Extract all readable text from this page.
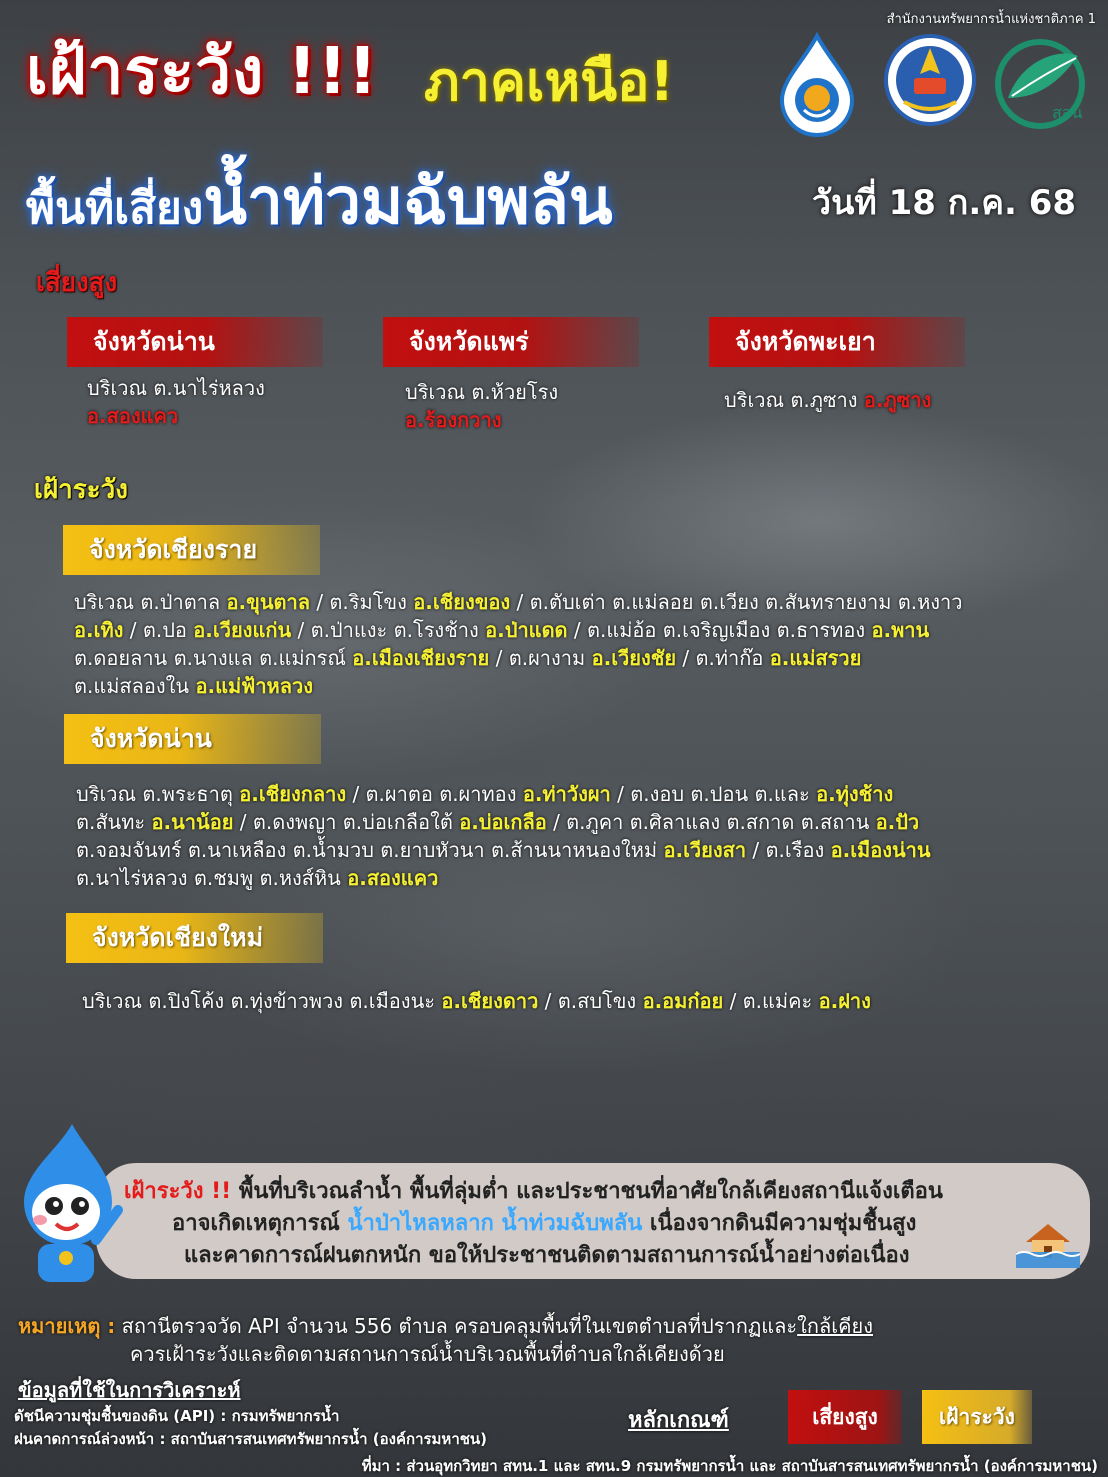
สำนักงานทรัพยากรน้ำแห่งชาติภาค 1
เฝ้าระวัง !!! ภาคเหนือ!
พื้นที่เสี่ยงน้ำท่วมฉับพลัน	วันที่ 18 ก.ค. 68
สสน
เสี่ยงสูง
จังหวัดน่าน
บริเวณ ต.นาไร่หลวง
อ.สองแคว
จังหวัดแพร่
บริเวณ ต.ห้วยโรง
อ.ร้องกวาง
จังหวัดพะเยา
บริเวณ ต.ภูซาง อ.ภูซาง
เฝ้าระวัง
จังหวัดเชียงราย
บริเวณ ต.ป่าตาล อ.ขุนตาล / ต.ริมโขง อ.เชียงของ / ต.ตับเต่า ต.แม่ลอย ต.เวียง ต.สันทรายงาม ต.หงาว
อ.เทิง / ต.ปอ อ.เวียงแก่น / ต.ป่าแงะ ต.โรงช้าง อ.ป่าแดด / ต.แม่อ้อ ต.เจริญเมือง ต.ธารทอง อ.พาน
ต.ดอยลาน ต.นางแล ต.แม่กรณ์ อ.เมืองเชียงราย / ต.ผางาม อ.เวียงชัย / ต.ท่าก๊อ อ.แม่สรวย
ต.แม่สลองใน อ.แม่ฟ้าหลวง
จังหวัดน่าน
บริเวณ ต.พระธาตุ อ.เชียงกลาง / ต.ผาตอ ต.ผาทอง อ.ท่าวังผา / ต.งอบ ต.ปอน ต.และ อ.ทุ่งช้าง
ต.สันทะ อ.นาน้อย / ต.ดงพญา ต.บ่อเกลือใต้ อ.บ่อเกลือ / ต.ภูคา ต.ศิลาแลง ต.สกาด ต.สถาน อ.ปัว
ต.จอมจันทร์ ต.นาเหลือง ต.น้ำมวบ ต.ยาบหัวนา ต.ส้านนาหนองใหม่ อ.เวียงสา / ต.เรือง อ.เมืองน่าน
ต.นาไร่หลวง ต.ชมพู ต.หงส์หิน อ.สองแคว
จังหวัดเชียงใหม่
บริเวณ ต.ปิงโค้ง ต.ทุ่งข้าวพวง ต.เมืองนะ อ.เชียงดาว / ต.สบโขง อ.อมก๋อย / ต.แม่คะ อ.ฝาง
เฝ้าระวัง !! พื้นที่บริเวณลำน้ำ พื้นที่ลุ่มต่ำ และประชาชนที่อาศัยใกล้เคียงสถานีแจ้งเตือน
อาจเกิดเหตุการณ์ น้ำป่าไหลหลาก น้ำท่วมฉับพลัน เนื่องจากดินมีความชุ่มชื้นสูง
และคาดการณ์ฝนตกหนัก ขอให้ประชาชนติดตามสถานการณ์น้ำอย่างต่อเนื่อง
หมายเหตุ : สถานีตรวจวัด API จำนวน 556 ตำบล ครอบคลุมพื้นที่ในเขตตำบลที่ปรากฏและใกล้เคียง
ควรเฝ้าระวังและติดตามสถานการณ์น้ำบริเวณพื้นที่ตำบลใกล้เคียงด้วย
ข้อมูลที่ใช้ในการวิเคราะห์
ดัชนีความชุ่มชื้นของดิน (API) : กรมทรัพยากรน้ำ
ฝนคาดการณ์ล่วงหน้า : สถาบันสารสนเทศทรัพยากรน้ำ (องค์การมหาชน)
หลักเกณฑ์	เสี่ยงสูง	เฝ้าระวัง
ที่มา : ส่วนอุทกวิทยา สทน.1 และ สทน.9 กรมทรัพยากรน้ำ และ สถาบันสารสนเทศทรัพยากรน้ำ (องค์การมหาชน)
